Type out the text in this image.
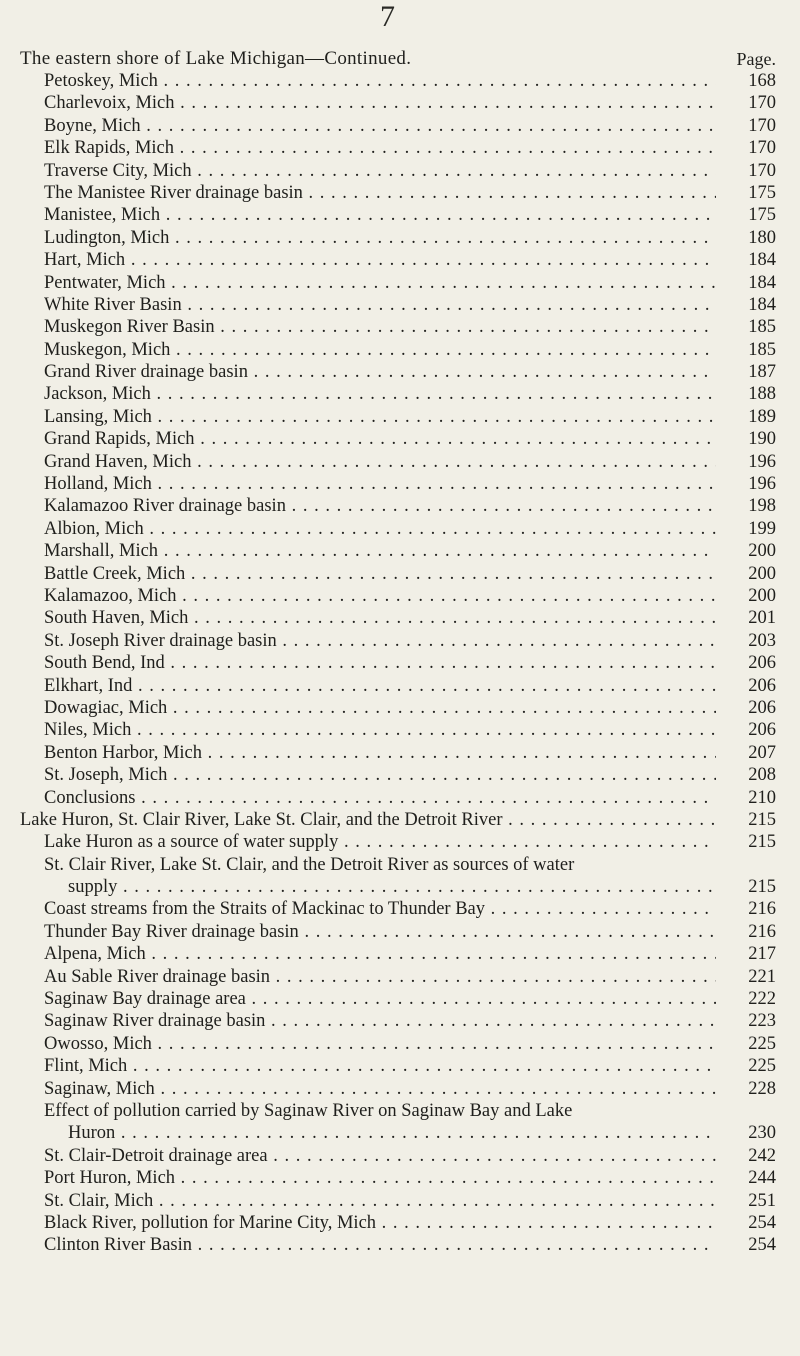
7
The eastern shore of Lake Michigan—Continued.	Page.
Petoskey, Mich . . .	168
Charlevoix, Mich . . .	170
Boyne, Mich . . .	170
Elk Rapids, Mich . . .	170
Traverse City, Mich . . .	170
The Manistee River drainage basin . . .	175
Manistee, Mich . . .	175
Ludington, Mich . . .	180
Hart, Mich . . .	184
Pentwater, Mich . . .	184
White River Basin . . .	184
Muskegon River Basin . . .	185
Muskegon, Mich . . .	185
Grand River drainage basin . . .	187
Jackson, Mich . . .	188
Lansing, Mich . . .	189
Grand Rapids, Mich . . .	190
Grand Haven, Mich . . .	196
Holland, Mich . . .	196
Kalamazoo River drainage basin . . .	198
Albion, Mich . . .	199
Marshall, Mich . . .	200
Battle Creek, Mich . . .	200
Kalamazoo, Mich . . .	200
South Haven, Mich . . .	201
St. Joseph River drainage basin . . .	203
South Bend, Ind . . .	206
Elkhart, Ind . . .	206
Dowagiac, Mich . . .	206
Niles, Mich . . .	206
Benton Harbor, Mich . . .	207
St. Joseph, Mich . . .	208
Conclusions . . .	210
Lake Huron, St. Clair River, Lake St. Clair, and the Detroit River . . .	215
Lake Huron as a source of water supply . . .	215
St. Clair River, Lake St. Clair, and the Detroit River as sources of water
supply . . .	215
Coast streams from the Straits of Mackinac to Thunder Bay . . .	216
Thunder Bay River drainage basin . . .	216
Alpena, Mich . . .	217
Au Sable River drainage basin . . .	221
Saginaw Bay drainage area . . .	222
Saginaw River drainage basin . . .	223
Owosso, Mich . . .	225
Flint, Mich . . .	225
Saginaw, Mich . . .	228
Effect of pollution carried by Saginaw River on Saginaw Bay and Lake
Huron . . .	230
St. Clair-Detroit drainage area . . .	242
Port Huron, Mich . . .	244
St. Clair, Mich . . .	251
Black River, pollution for Marine City, Mich . . .	254
Clinton River Basin . . .	254
